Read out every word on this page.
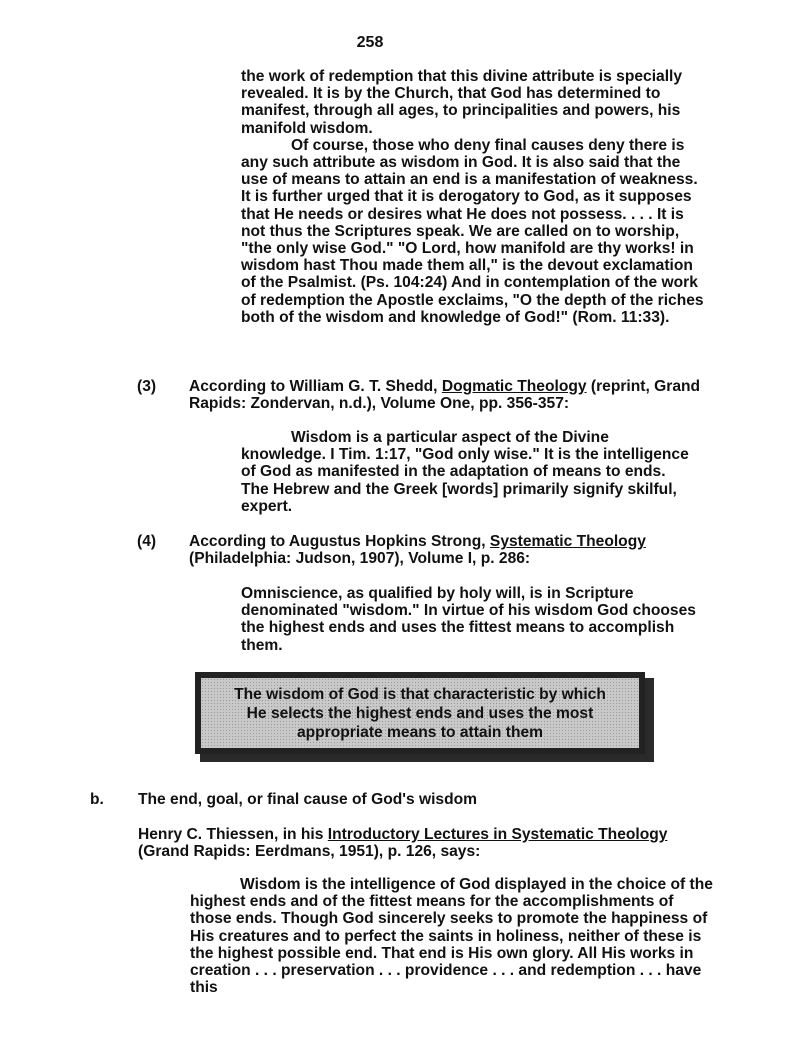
258

the work of redemption that this divine attribute is specially revealed. It is by the Church, that God has determined to manifest, through all ages, to principalities and powers, his manifold wisdom.

Of course, those who deny final causes deny there is any such attribute as wisdom in God. It is also said that the use of means to attain an end is a manifestation of weakness. It is further urged that it is derogatory to God, as it supposes that He needs or desires what He does not possess. . . . It is not thus the Scriptures speak. We are called on to worship, "the only wise God." "O Lord, how manifold are thy works! in wisdom hast Thou made them all," is the devout exclamation of the Psalmist. (Ps. 104:24) And in contemplation of the work of redemption the Apostle exclaims, "O the depth of the riches both of the wisdom and knowledge of God!" (Rom. 11:33).

(3) According to William G. T. Shedd, Dogmatic Theology (reprint, Grand Rapids: Zondervan, n.d.), Volume One, pp. 356-357:

Wisdom is a particular aspect of the Divine knowledge. I Tim. 1:17, "God only wise." It is the intelligence of God as manifested in the adaptation of means to ends. The Hebrew and the Greek [words] primarily signify skilful, expert.

(4) According to Augustus Hopkins Strong, Systematic Theology (Philadelphia: Judson, 1907), Volume I, p. 286:

Omniscience, as qualified by holy will, is in Scripture denominated "wisdom." In virtue of his wisdom God chooses the highest ends and uses the fittest means to accomplish them.

The wisdom of God is that characteristic by which
He selects the highest ends and uses the most
appropriate means to attain them
b. The end, goal, or final cause of God's wisdom

Henry C. Thiessen, in his Introductory Lectures in Systematic Theology (Grand Rapids: Eerdmans, 1951), p. 126, says:

Wisdom is the intelligence of God displayed in the choice of the highest ends and of the fittest means for the accomplishments of those ends. Though God sincerely seeks to promote the happiness of His creatures and to perfect the saints in holiness, neither of these is the highest possible end. That end is His own glory. All His works in creation . . . preservation . . . providence . . . and redemption . . . have this
